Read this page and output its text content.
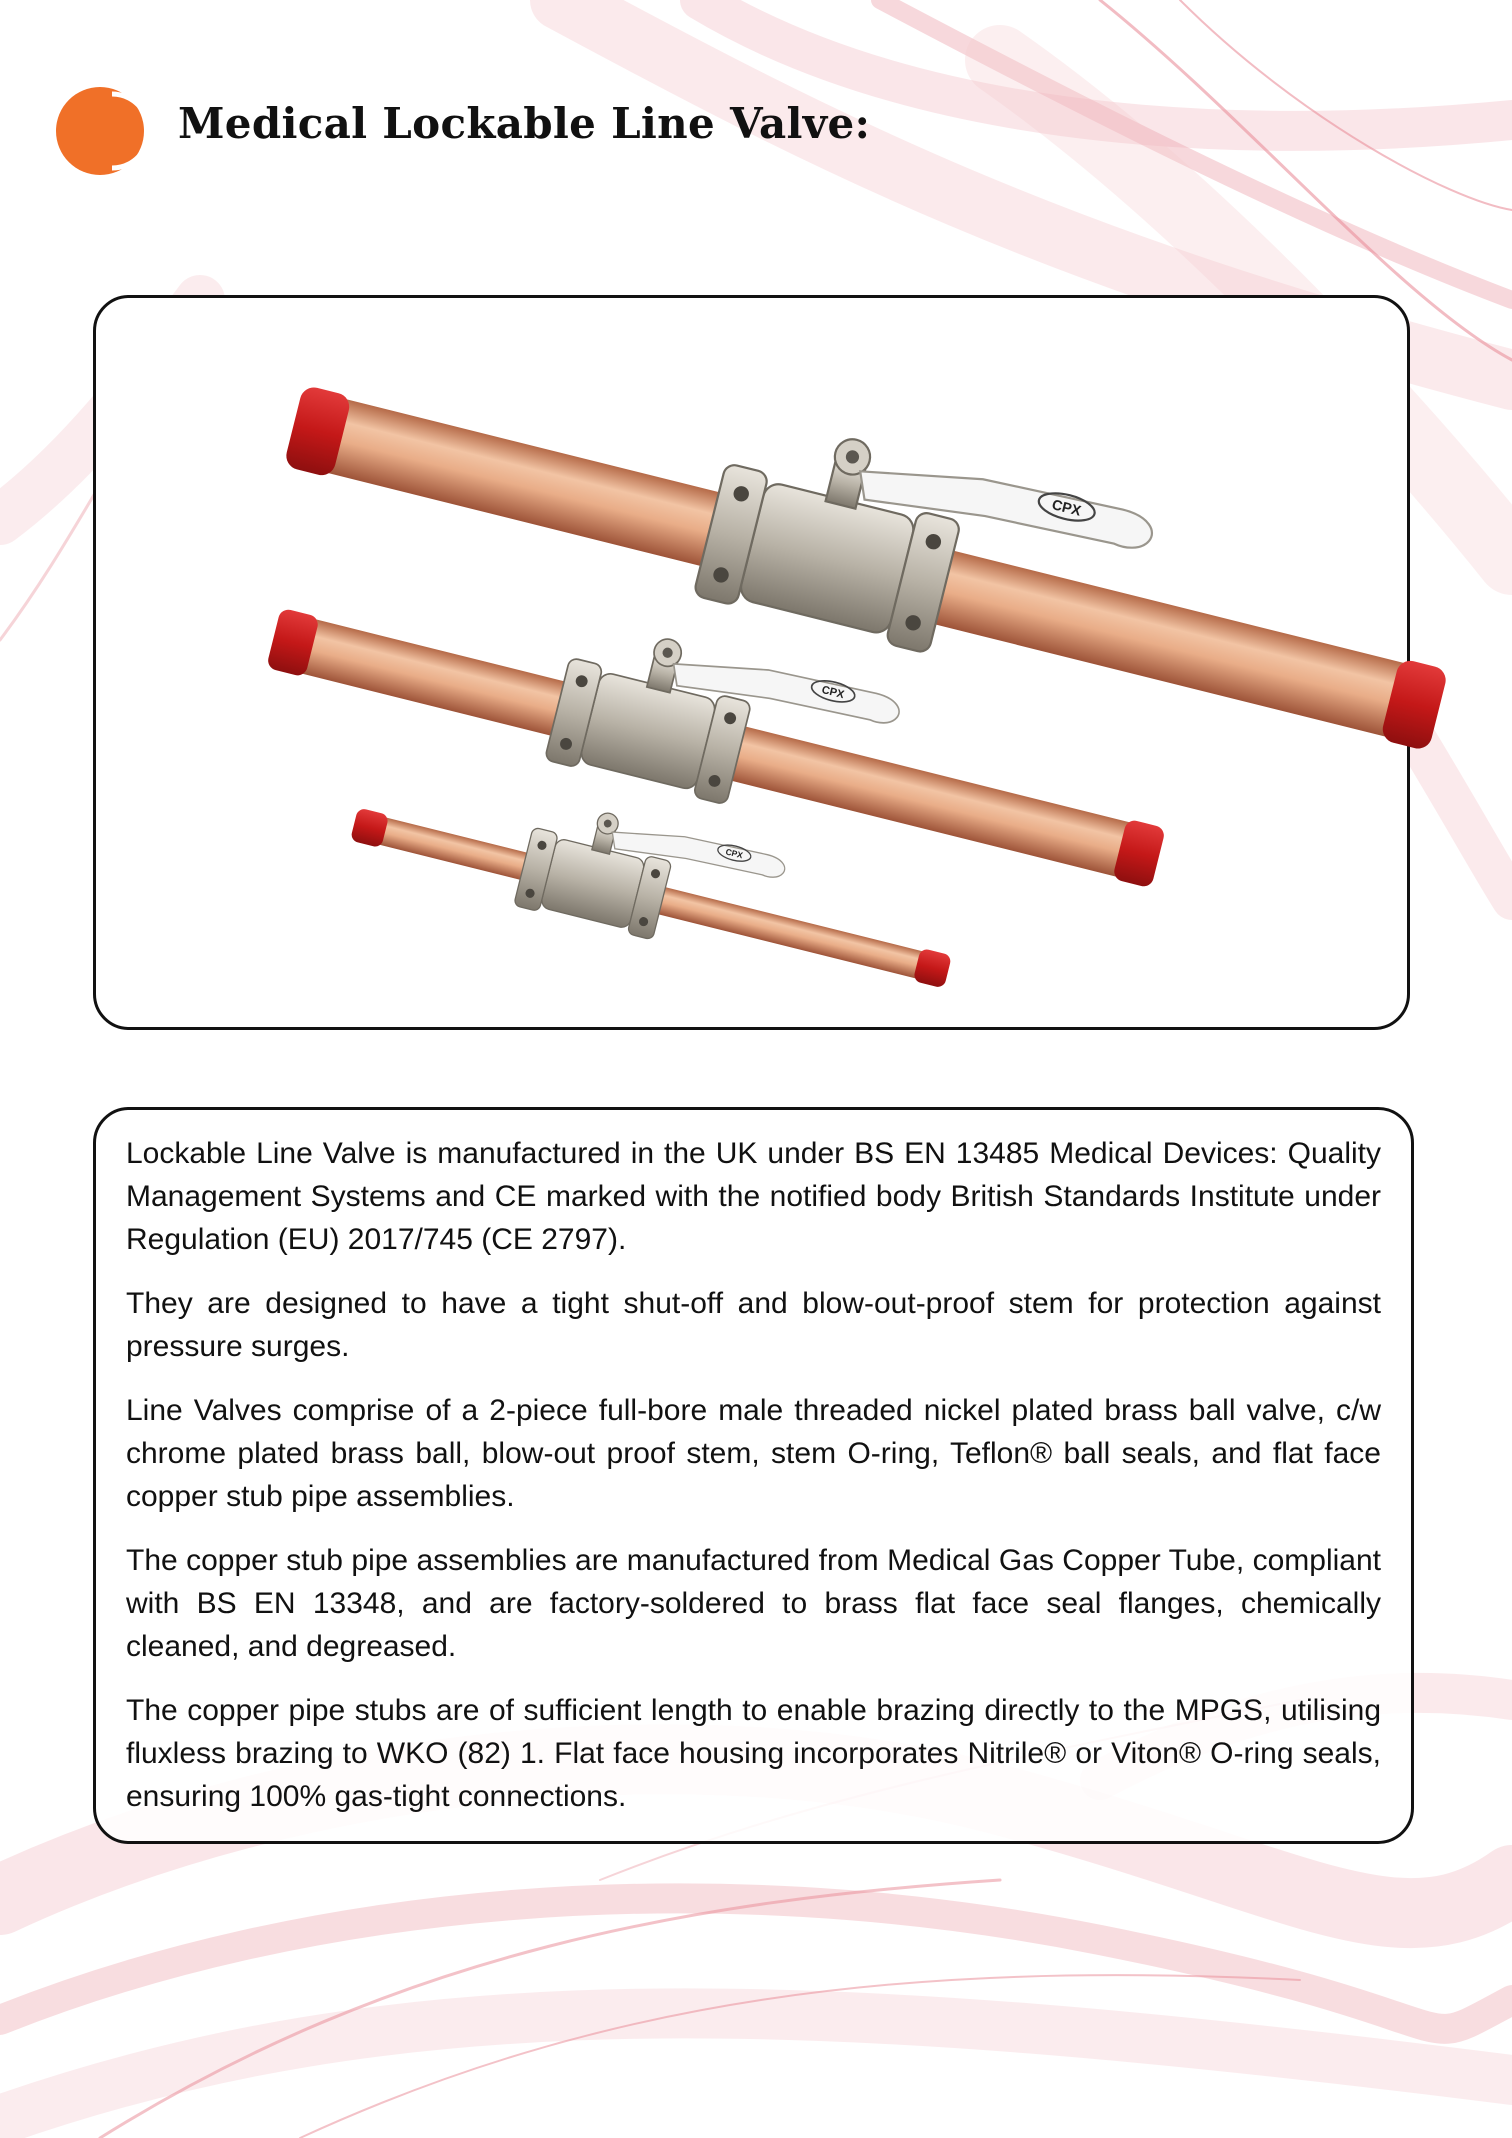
Medical Lockable Line Valve:
CPX

Lockable Line Valve is manufactured in the UK under BS EN 13485 Medical Devices: Quality Management Systems and CE marked with the notified body British Standards Institute under Regulation (EU) 2017/745 (CE 2797).

They are designed to have a tight shut-off and blow-out-proof stem for protection against pressure surges.

Line Valves comprise of a 2-piece full-bore male threaded nickel plated brass ball valve, c/w chrome plated brass ball, blow-out proof stem, stem O-ring, Teflon® ball seals, and flat face copper stub pipe assemblies.

The copper stub pipe assemblies are manufactured from Medical Gas Copper Tube, compliant with BS EN 13348, and are factory-soldered to brass flat face seal flanges, chemically cleaned, and degreased.

The copper pipe stubs are of sufficient length to enable brazing directly to the MPGS, utilising fluxless brazing to WKO (82) 1. Flat face housing incorporates Nitrile® or Viton® O-ring seals, ensuring 100% gas-tight connections.
